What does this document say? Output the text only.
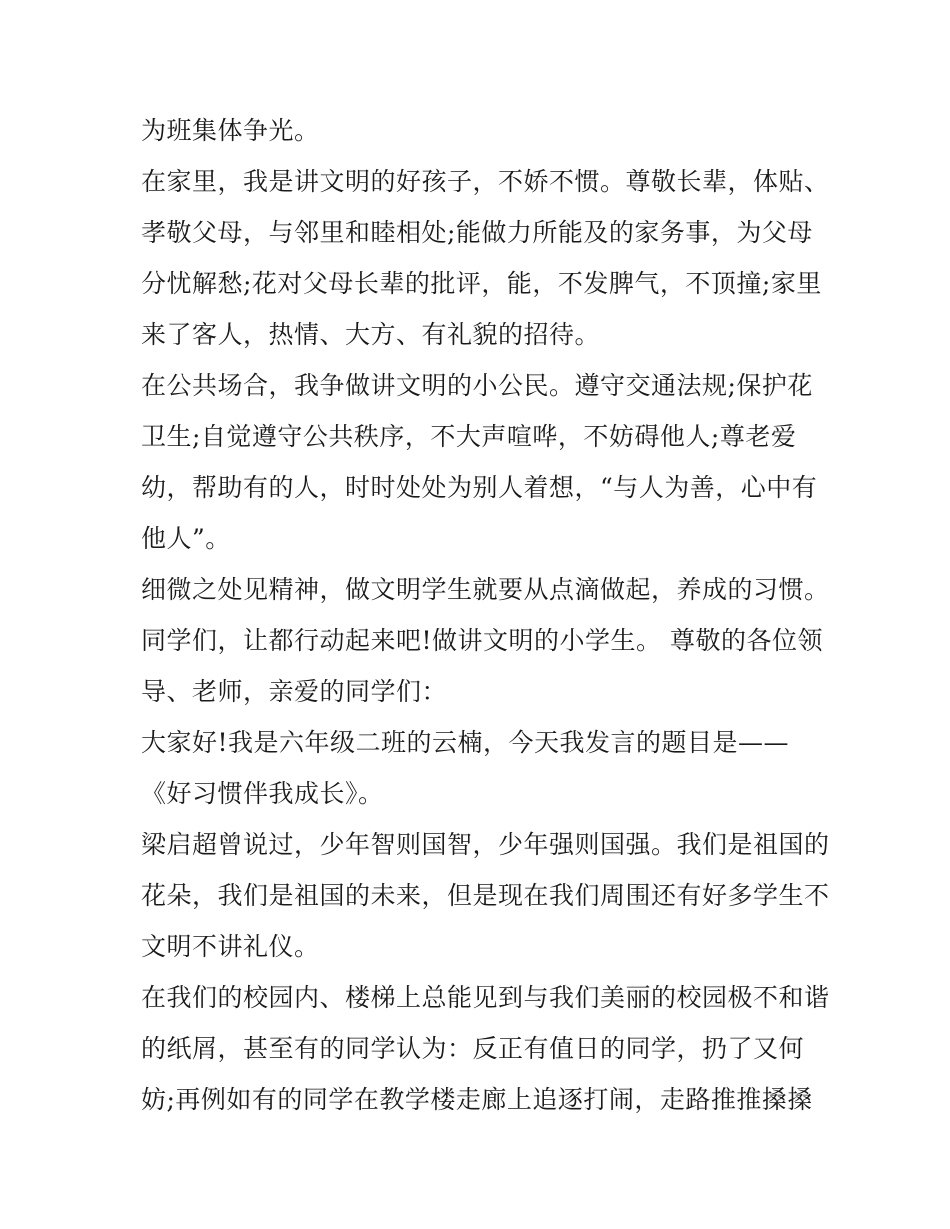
为班集体争光。
在家里，我是讲文明的好孩子，不娇不惯。尊敬长辈，体贴、
孝敬父母，与邻里和睦相处;能做力所能及的家务事，为父母
分忧解愁;花对父母长辈的批评，能，不发脾气，不顶撞;家里
来了客人，热情、大方、有礼貌的招待。
在公共场合，我争做讲文明的小公民。遵守交通法规;保护花
卫生;自觉遵守公共秩序，不大声喧哗，不妨碍他人;尊老爱
幼，帮助有的人，时时处处为别人着想，“与人为善，心中有
他人”。
细微之处见精神，做文明学生就要从点滴做起，养成的习惯。
同学们，让都行动起来吧!做讲文明的小学生。 尊敬的各位领
导、老师，亲爱的同学们：
大家好!我是六年级二班的云楠，今天我发言的题目是——
《好习惯伴我成长》。
梁启超曾说过，少年智则国智，少年强则国强。我们是祖国的
花朵，我们是祖国的未来，但是现在我们周围还有好多学生不
文明不讲礼仪。
在我们的校园内、楼梯上总能见到与我们美丽的校园极不和谐
的纸屑，甚至有的同学认为：反正有值日的同学，扔了又何
妨;再例如有的同学在教学楼走廊上追逐打闹，走路推推搡搡
